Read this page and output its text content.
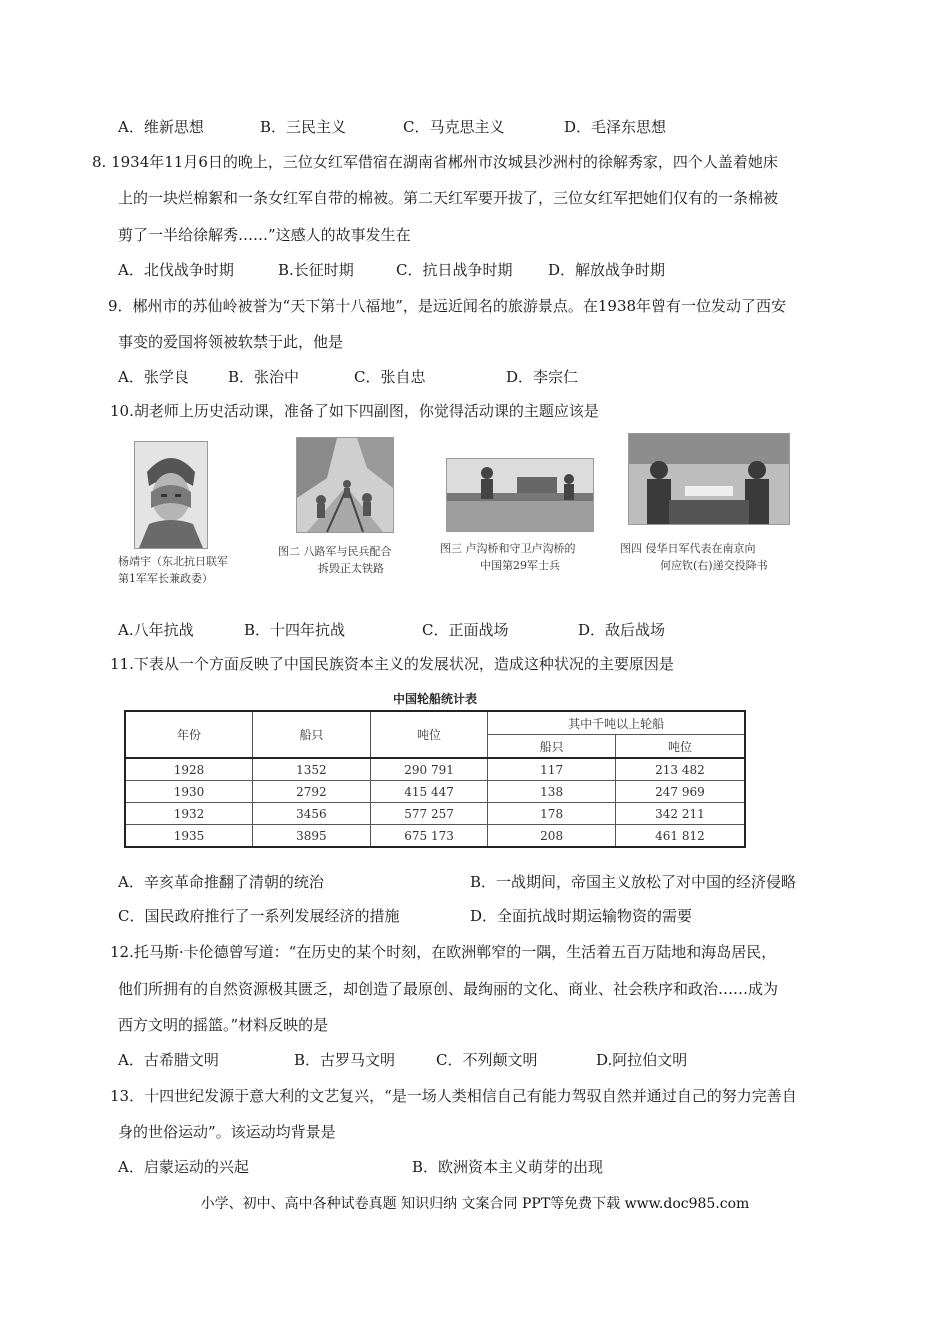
A．维新思想	B．三民主义	C．马克思主义	D．毛泽东思想
8. 1934年11月6日的晚上，三位女红军借宿在湖南省郴州市汝城县沙洲村的徐解秀家，四个人盖着她床
上的一块烂棉絮和一条女红军自带的棉被。第二天红军要开拔了，三位女红军把她们仅有的一条棉被
剪了一半给徐解秀……”这感人的故事发生在
A．北伐战争时期	B.长征时期	C．抗日战争时期 D．解放战争时期
9．郴州市的苏仙岭被誉为“天下第十八福地”，是远近闻名的旅游景点。在1938年曾有一位发动了西安
事变的爱国将领被软禁于此，他是
A．张学良	B．张治中	C．张自忠	D．李宗仁
10.胡老师上历史活动课，准备了如下四副图，你觉得活动课的主题应该是
杨靖宇（东北抗日联军
第1军军长兼政委）
图二 八路军与民兵配合
拆毁正太铁路
图三 卢沟桥和守卫卢沟桥的
中国第29军士兵
图四 侵华日军代表在南京向
何应钦(右)递交投降书
A.八年抗战	B．十四年抗战	C．正面战场	D．敌后战场
11.下表从一个方面反映了中国民族资本主义的发展状况，造成这种状况的主要原因是
中国轮船统计表
年份	船只	吨位	其中千吨以上轮船	
			船只	吨位
1928	1352	290 791	117	213 482
1930	2792	415 447	138	247 969
1932	3456	577 257	178	342 211
1935	3895	675 173	208	461 812
A．辛亥革命推翻了清朝的统治	B．一战期间，帝国主义放松了对中国的经济侵略
C．国民政府推行了一系列发展经济的措施	D．全面抗战时期运输物资的需要
12.托马斯·卡伦德曾写道：“在历史的某个时刻，在欧洲郸窄的一隅，生活着五百万陆地和海岛居民，
他们所拥有的自然资源极其匮乏，却创造了最原创、最绚丽的文化、商业、社会秩序和政治……成为
西方文明的摇篮。”材料反映的是
A．古希腊文明	B．古罗马文明	C．不列颠文明	D.阿拉伯文明
13．十四世纪发源于意大利的文艺复兴，“是一场人类相信自己有能力驾驭自然并通过自己的努力完善自
身的世俗运动”。该运动均背景是
A．启蒙运动的兴起	B．欧洲资本主义萌芽的出现
小学、初中、高中各种试卷真题 知识归纳 文案合同 PPT等免费下载 www.doc985.com
